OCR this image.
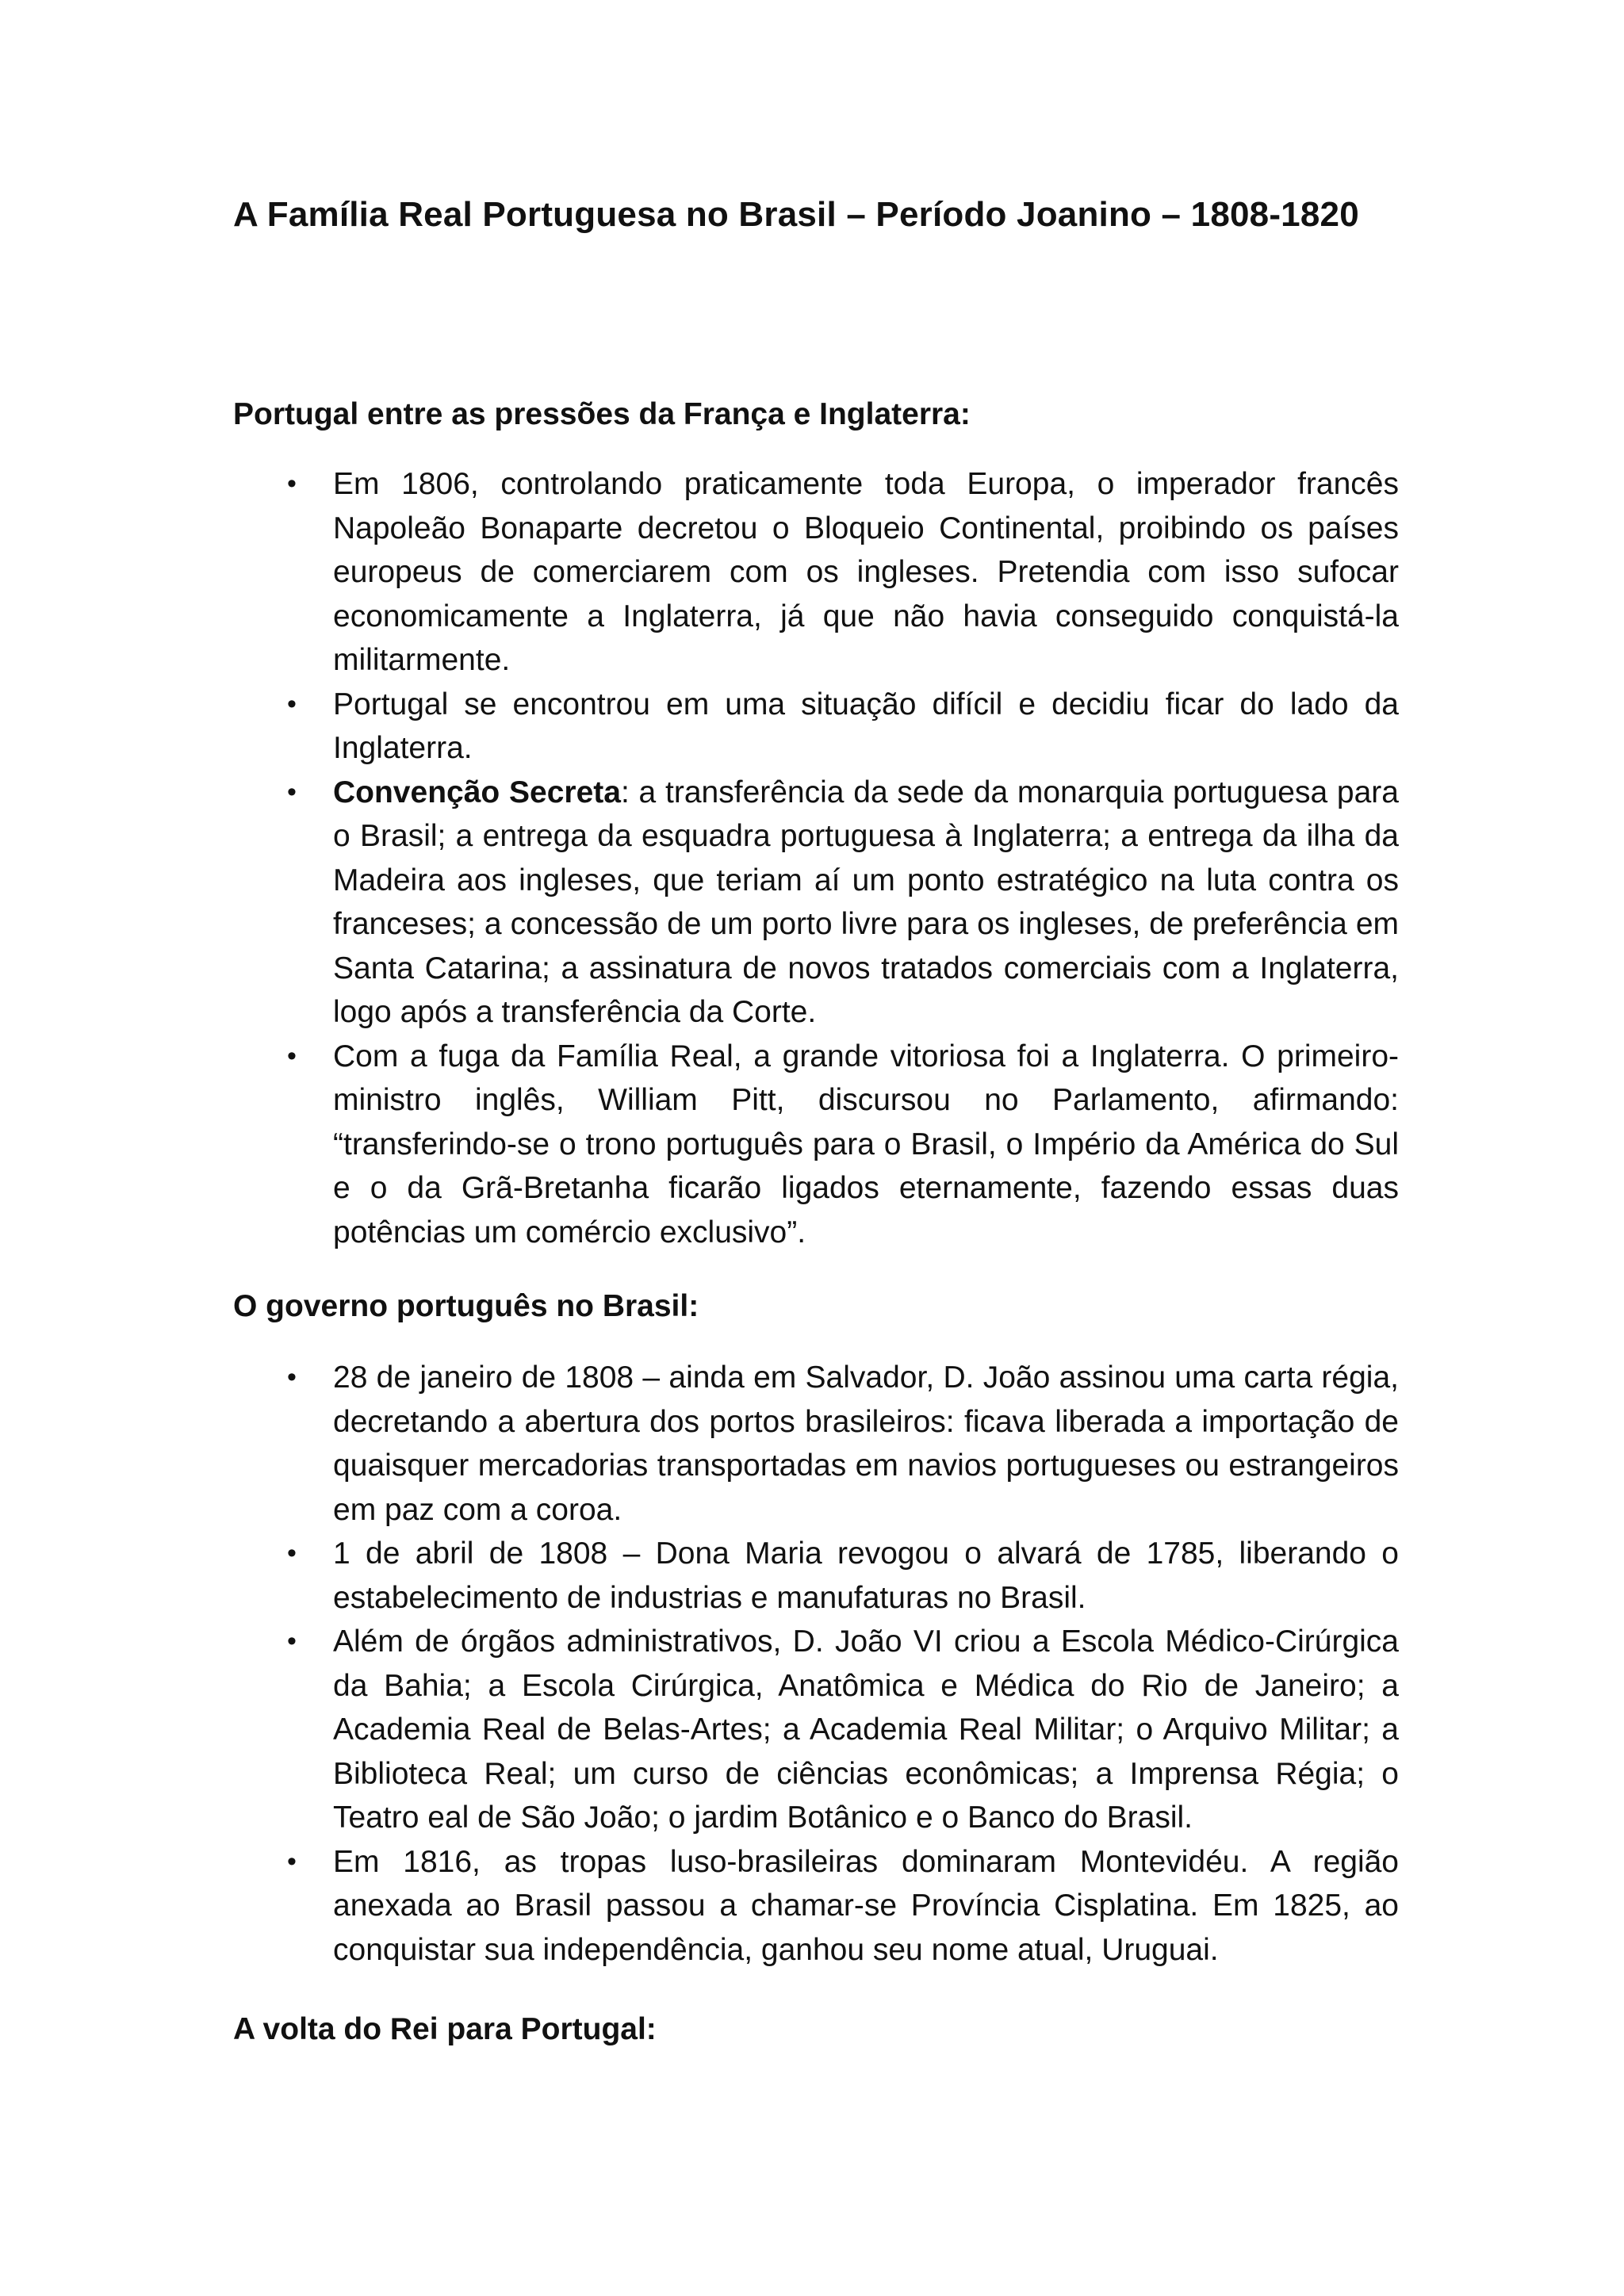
A Família Real Portuguesa no Brasil – Período Joanino – 1808-1820
Portugal entre as pressões da França e Inglaterra:
• Em 1806, controlando praticamente toda Europa, o imperador francês Napoleão Bonaparte decretou o Bloqueio Continental, proibindo os países europeus de comerciarem com os ingleses. Pretendia com isso sufocar economicamente a Inglaterra, já que não havia conseguido conquistá-la militarmente.
• Portugal se encontrou em uma situação difícil e decidiu ficar do lado da Inglaterra.
• Convenção Secreta: a transferência da sede da monarquia portuguesa para o Brasil; a entrega da esquadra portuguesa à Inglaterra; a entrega da ilha da Madeira aos ingleses, que teriam aí um ponto estratégico na luta contra os franceses; a concessão de um porto livre para os ingleses, de preferência em Santa Catarina; a assinatura de novos tratados comerciais com a Inglaterra, logo após a transferência da Corte.
• Com a fuga da Família Real, a grande vitoriosa foi a Inglaterra. O primeiro-ministro inglês, William Pitt, discursou no Parlamento, afirmando: “transferindo-se o trono português para o Brasil, o Império da América do Sul e o da Grã-Bretanha ficarão ligados eternamente, fazendo essas duas potências um comércio exclusivo”.
O governo português no Brasil:
• 28 de janeiro de 1808 – ainda em Salvador, D. João assinou uma carta régia, decretando a abertura dos portos brasileiros: ficava liberada a importação de quaisquer mercadorias transportadas em navios portugueses ou estrangeiros em paz com a coroa.
• 1 de abril de 1808 – Dona Maria revogou o alvará de 1785, liberando o estabelecimento de industrias e manufaturas no Brasil.
• Além de órgãos administrativos, D. João VI criou a Escola Médico-Cirúrgica da Bahia; a Escola Cirúrgica, Anatômica e Médica do Rio de Janeiro; a Academia Real de Belas-Artes; a Academia Real Militar; o Arquivo Militar; a Biblioteca Real; um curso de ciências econômicas; a Imprensa Régia; o Teatro eal de São João; o jardim Botânico e o Banco do Brasil.
• Em 1816, as tropas luso-brasileiras dominaram Montevidéu. A região anexada ao Brasil passou a chamar-se Província Cisplatina. Em 1825, ao conquistar sua independência, ganhou seu nome atual, Uruguai.
A volta do Rei para Portugal:
